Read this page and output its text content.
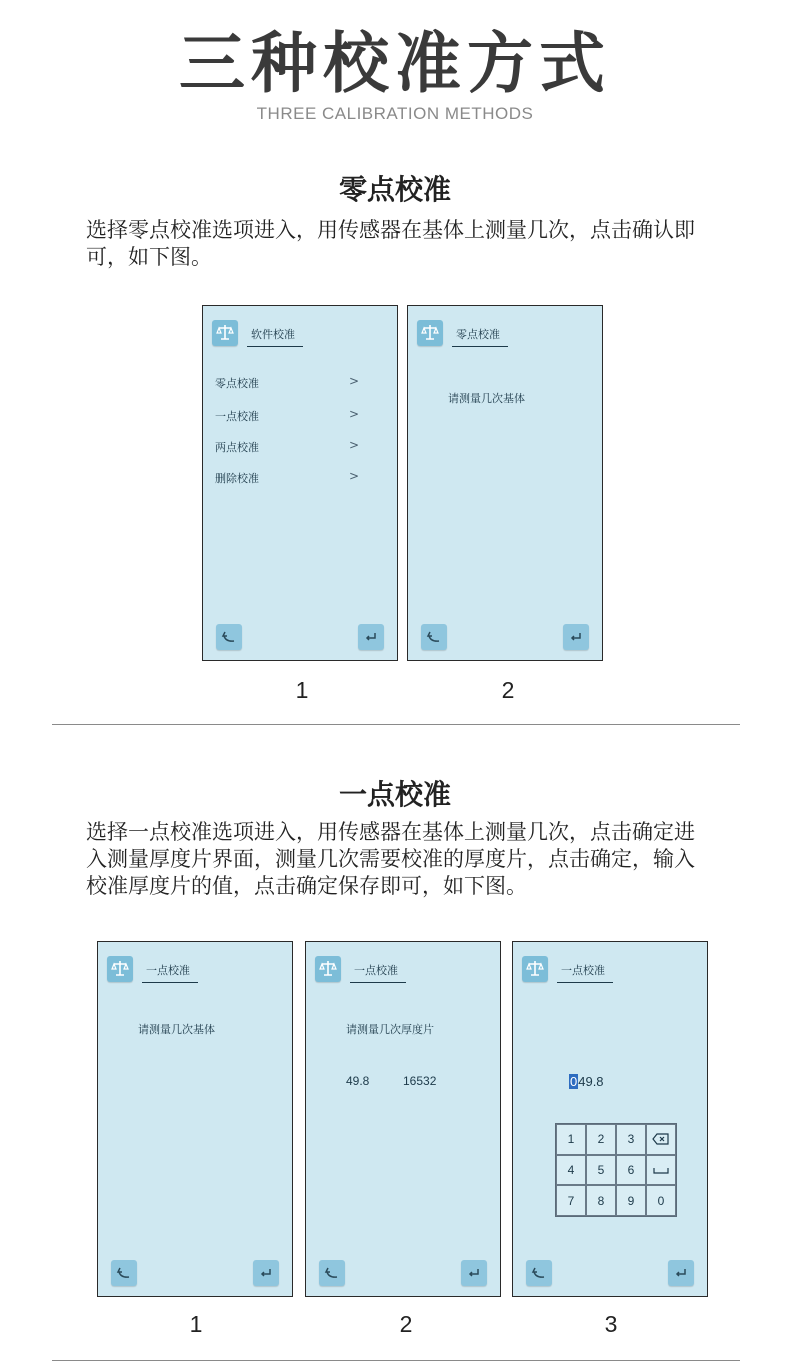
三种校准方式
THREE CALIBRATION METHODS
零点校准

选择零点校准选项进入，用传感器在基体上测量几次，点击确认即可，如下图。

软件校准
零点校准	>
一点校准	>
两点校准	>
删除校准	>
1
零点校准
请测量几次基体
2
一点校准

选择一点校准选项进入，用传感器在基体上测量几次，点击确定进入测量厚度片界面，测量几次需要校准的厚度片，点击确定，输入校准厚度片的值，点击确定保存即可，如下图。

一点校准
请测量几次基体
1
一点校准
请测量几次厚度片
49.8	16532
2
一点校准
049.8
1	2	3
4	5	6
7	8	9	0
3
